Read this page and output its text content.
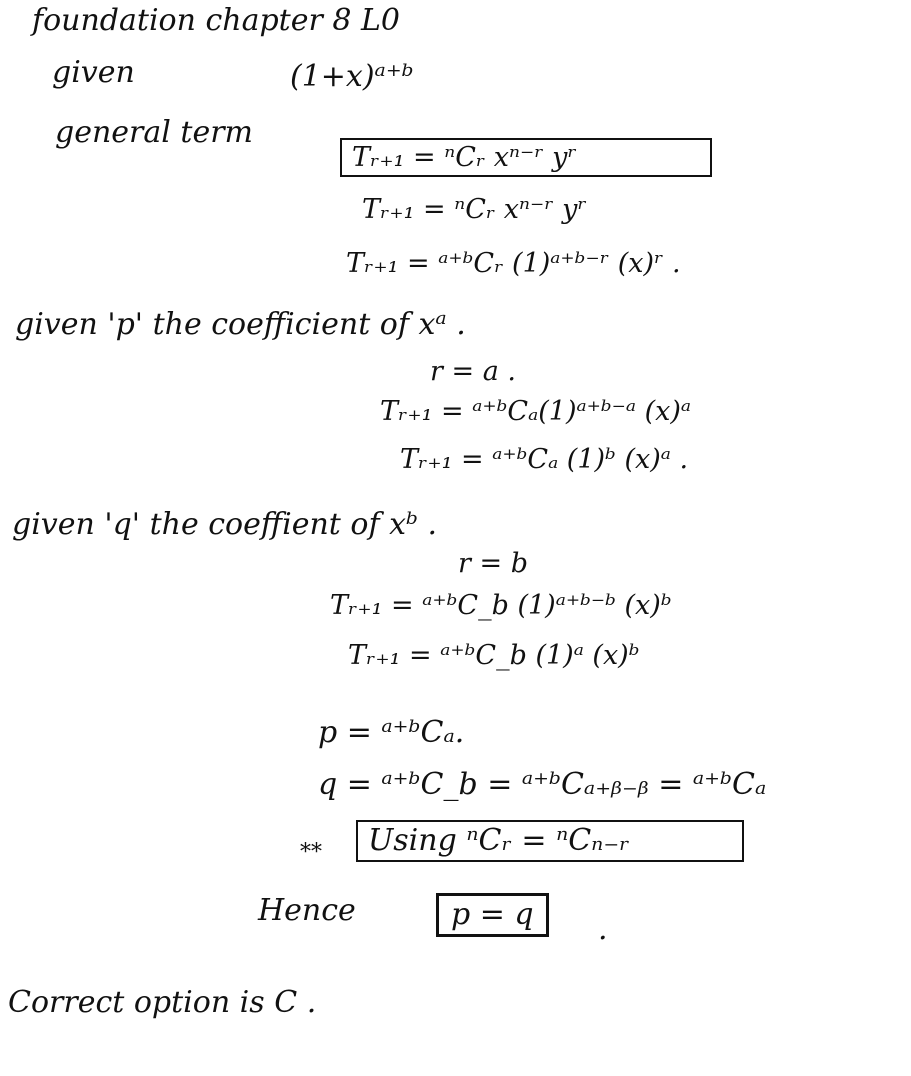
foundation chapter 8 L0
given	(1+x)ᵃ⁺ᵇ
general term
Tᵣ₊₁ = ⁿCᵣ xⁿ⁻ʳ yʳ
Tᵣ₊₁ = ⁿCᵣ xⁿ⁻ʳ yʳ
Tᵣ₊₁ = ᵃ⁺ᵇCᵣ (1)ᵃ⁺ᵇ⁻ʳ (x)ʳ .
given 'p' the coefficient of xᵃ .
r = a .
Tᵣ₊₁ = ᵃ⁺ᵇCₐ(1)ᵃ⁺ᵇ⁻ᵃ (x)ᵃ
Tᵣ₊₁ = ᵃ⁺ᵇCₐ (1)ᵇ (x)ᵃ .
given 'q' the coeffient of xᵇ .
r = b
Tᵣ₊₁ = ᵃ⁺ᵇC_b (1)ᵃ⁺ᵇ⁻ᵇ (x)ᵇ
Tᵣ₊₁ = ᵃ⁺ᵇC_b (1)ᵃ (x)ᵇ
p = ᵃ⁺ᵇCₐ.
q = ᵃ⁺ᵇC_b = ᵃ⁺ᵇCₐ₊ᵦ₋ᵦ = ᵃ⁺ᵇCₐ
**	Using ⁿCᵣ = ⁿCₙ₋ᵣ
Hence	p = q	.
Correct option is C .
